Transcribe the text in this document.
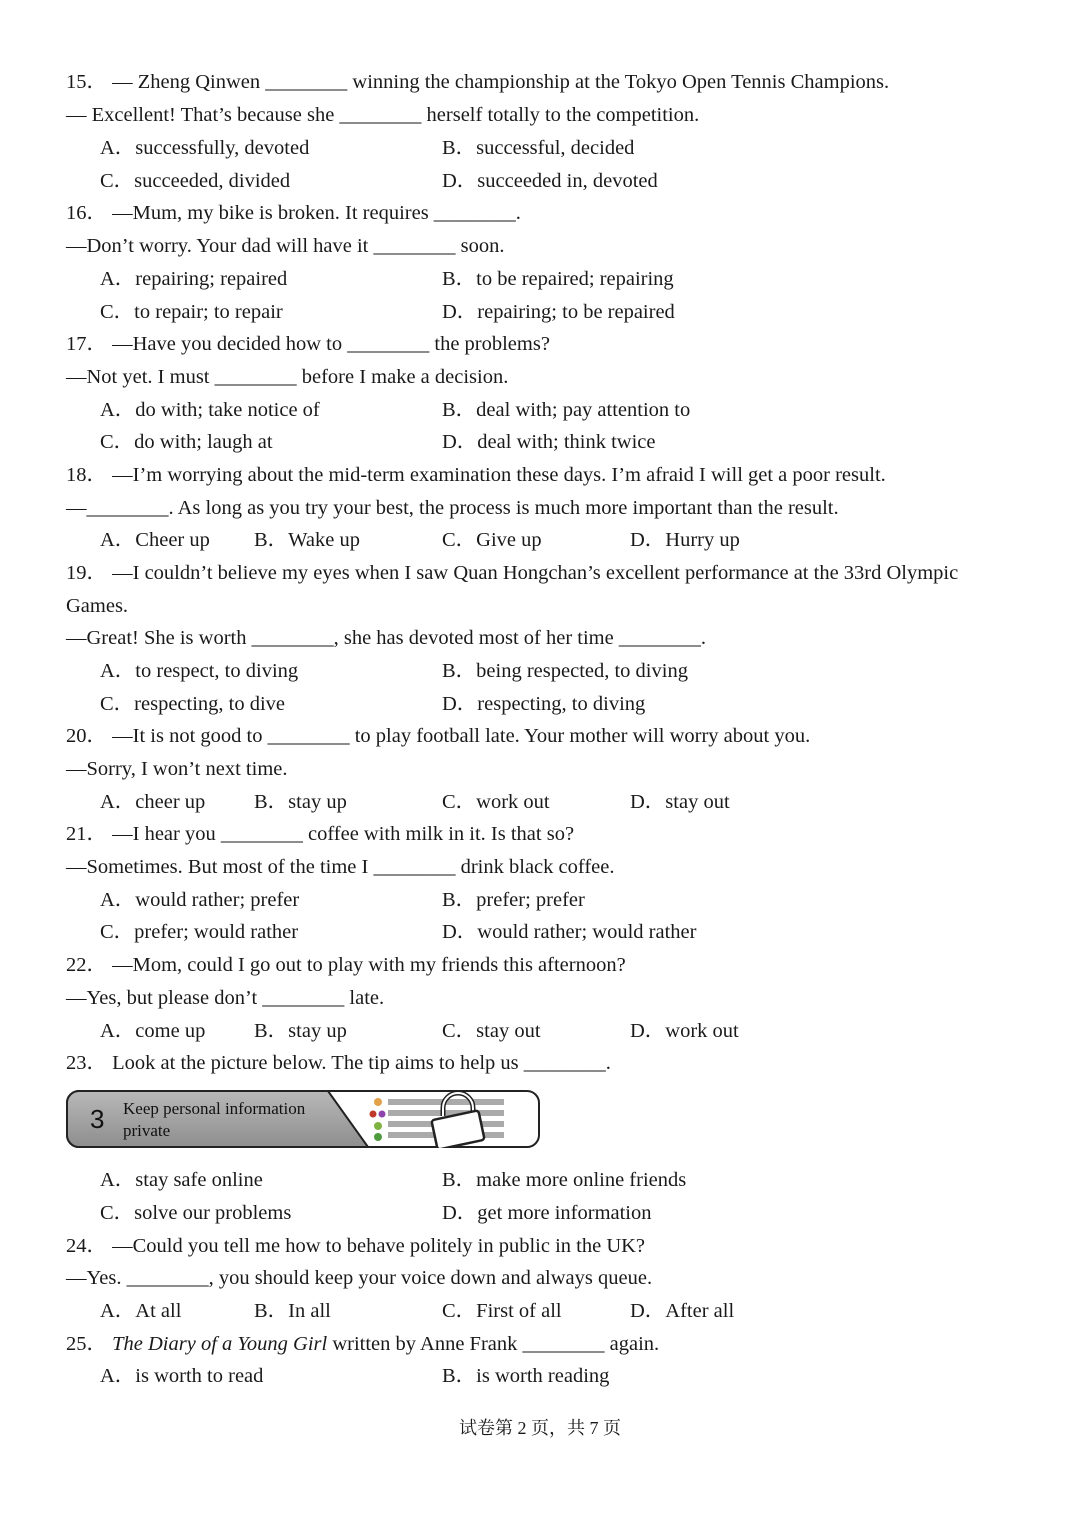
15． — Zheng Qinwen ________ winning the championship at the Tokyo Open Tennis Champions.
— Excellent! That’s because she ________ herself totally to the competition.
A．successfully, devoted	B．successful, decided
C．succeeded, divided	D．succeeded in, devoted
16． —Mum, my bike is broken. It requires ________.
—Don’t worry. Your dad will have it ________ soon.
A．repairing; repaired	B．to be repaired; repairing
C．to repair; to repair	D．repairing; to be repaired
17． —Have you decided how to ________ the problems?
—Not yet. I must ________ before I make a decision.
A．do with; take notice of	B．deal with; pay attention to
C．do with; laugh at	D．deal with; think twice
18． —I’m worrying about the mid-term examination these days. I’m afraid I will get a poor result.
—________. As long as you try your best, the process is much more important than the result.
A．Cheer up B．Wake up	C．Give up	D．Hurry up
19． —I couldn’t believe my eyes when I saw Quan Hongchan’s excellent performance at the 33rd Olympic
Games.
—Great! She is worth ________, she has devoted most of her time ________.
A．to respect, to diving	B．being respected, to diving
C．respecting, to dive	D．respecting, to diving
20． —It is not good to ________ to play football late. Your mother will worry about you.
—Sorry, I won’t next time.
A．cheer up B．stay up	C．work out	D．stay out
21． —I hear you ________ coffee with milk in it. Is that so?
—Sometimes. But most of the time I ________ drink black coffee.
A．would rather; prefer	B．prefer; prefer
C．prefer; would rather	D．would rather; would rather
22． —Mom, could I go out to play with my friends this afternoon?
—Yes, but please don’t ________ late.
A．come up B．stay up	C．stay out	D．work out
23． Look at the picture below. The tip aims to help us ________.
3 Keep personal information
private
A．stay safe online	B．make more online friends
C．solve our problems	D．get more information
24． —Could you tell me how to behave politely in public in the UK?
—Yes. ________, you should keep your voice down and always queue.
A．At all	B．In all	C．First of all	D．After all
25． The Diary of a Young Girl written by Anne Frank ________ again.
A．is worth to read	B．is worth reading
试卷第 2 页，共 7 页
